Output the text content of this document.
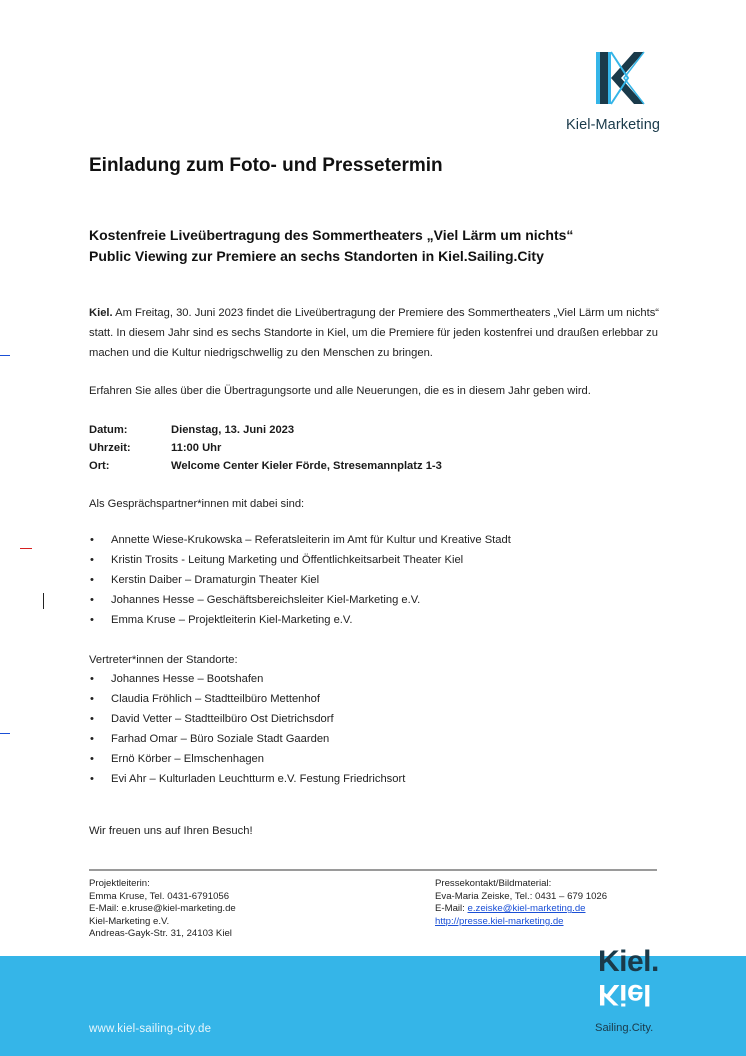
Kiel-Marketing
Einladung zum Foto- und Pressetermin
Kostenfreie Liveübertragung des Sommertheaters „Viel Lärm um nichts“
Public Viewing zur Premiere an sechs Standorten in Kiel.Sailing.City
Kiel. Am Freitag, 30. Juni 2023 findet die Liveübertragung der Premiere des Sommertheaters „Viel Lärm um nichts“ statt. In diesem Jahr sind es sechs Standorte in Kiel, um die Premiere für jeden kostenfrei und draußen erlebbar zu machen und die Kultur niedrigschwellig zu den Menschen zu bringen.
Erfahren Sie alles über die Übertragungsorte und alle Neuerungen, die es in diesem Jahr geben wird.
Datum:	Dienstag, 13. Juni 2023
Uhrzeit:	11:00 Uhr
Ort:	Welcome Center Kieler Förde, Stresemannplatz 1-3
Als Gesprächspartner*innen mit dabei sind:
• Annette Wiese-Krukowska – Referatsleiterin im Amt für Kultur und Kreative Stadt
• Kristin Trosits - Leitung Marketing und Öffentlichkeitsarbeit Theater Kiel
• Kerstin Daiber – Dramaturgin Theater Kiel
• Johannes Hesse – Geschäftsbereichsleiter Kiel-Marketing e.V.
• Emma Kruse – Projektleiterin Kiel-Marketing e.V.
Vertreter*innen der Standorte:
• Johannes Hesse – Bootshafen
• Claudia Fröhlich – Stadtteilbüro Mettenhof
• David Vetter – Stadtteilbüro Ost Dietrichsdorf
• Farhad Omar – Büro Soziale Stadt Gaarden
• Ernö Körber – Elmschenhagen
• Evi Ahr – Kulturladen Leuchtturm e.V. Festung Friedrichsort
Wir freuen uns auf Ihren Besuch!
Projektleiterin:
Emma Kruse, Tel. 0431-6791056
E-Mail: e.kruse@kiel-marketing.de
Kiel-Marketing e.V.
Andreas-Gayk-Str. 31, 24103 Kiel
Pressekontakt/Bildmaterial:
Eva-Maria Zeiske, Tel.: 0431 – 679 1026
E-Mail: e.zeiske@kiel-marketing.de
http://presse.kiel-marketing.de
www.kiel-sailing-city.de
Kiel.
Kiel
Sailing.City.
